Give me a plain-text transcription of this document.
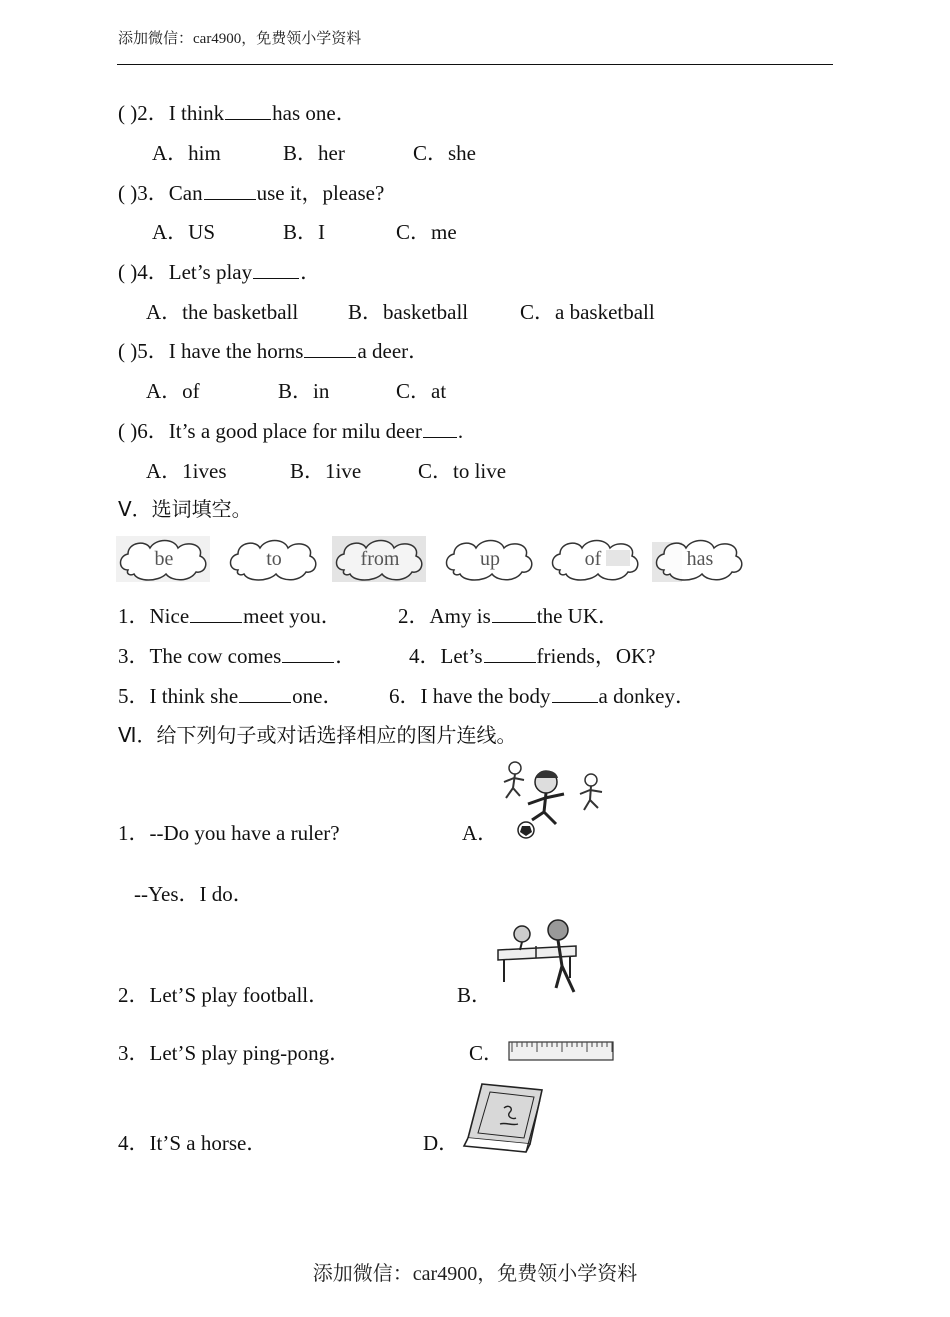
添加微信：car4900，免费领小学资料
( )2．I think has one．
A．him	B．her	C．she
( )3．Can	use it，please?
A．US	B．I	C．me
( )4．Let’s play ．
A．the basketball B．basketball C．a basketball
( )5．I have the horns	a deer．
A．of	B．in	C．at
( )6．It’s a good place for milu deer .
A．1ives	B．1ive	C．to live
V．选词填空。
be	to	from	up	of	has
1．Nice	meet you．	2．Amy is the UK．
3．The cow comes	．	4．Let’s	friends，OK?
5．I think she	one． 6．I have the body a donkey．
Ⅵ．给下列句子或对话选择相应的图片连线。
1．--Do you have a ruler?
--Yes．I do．
2．Let’S play football．
3．Let’S play ping-pong．
4．It’S a horse．
A．
B．
C．
D．
添加微信：car4900，免费领小学资料
